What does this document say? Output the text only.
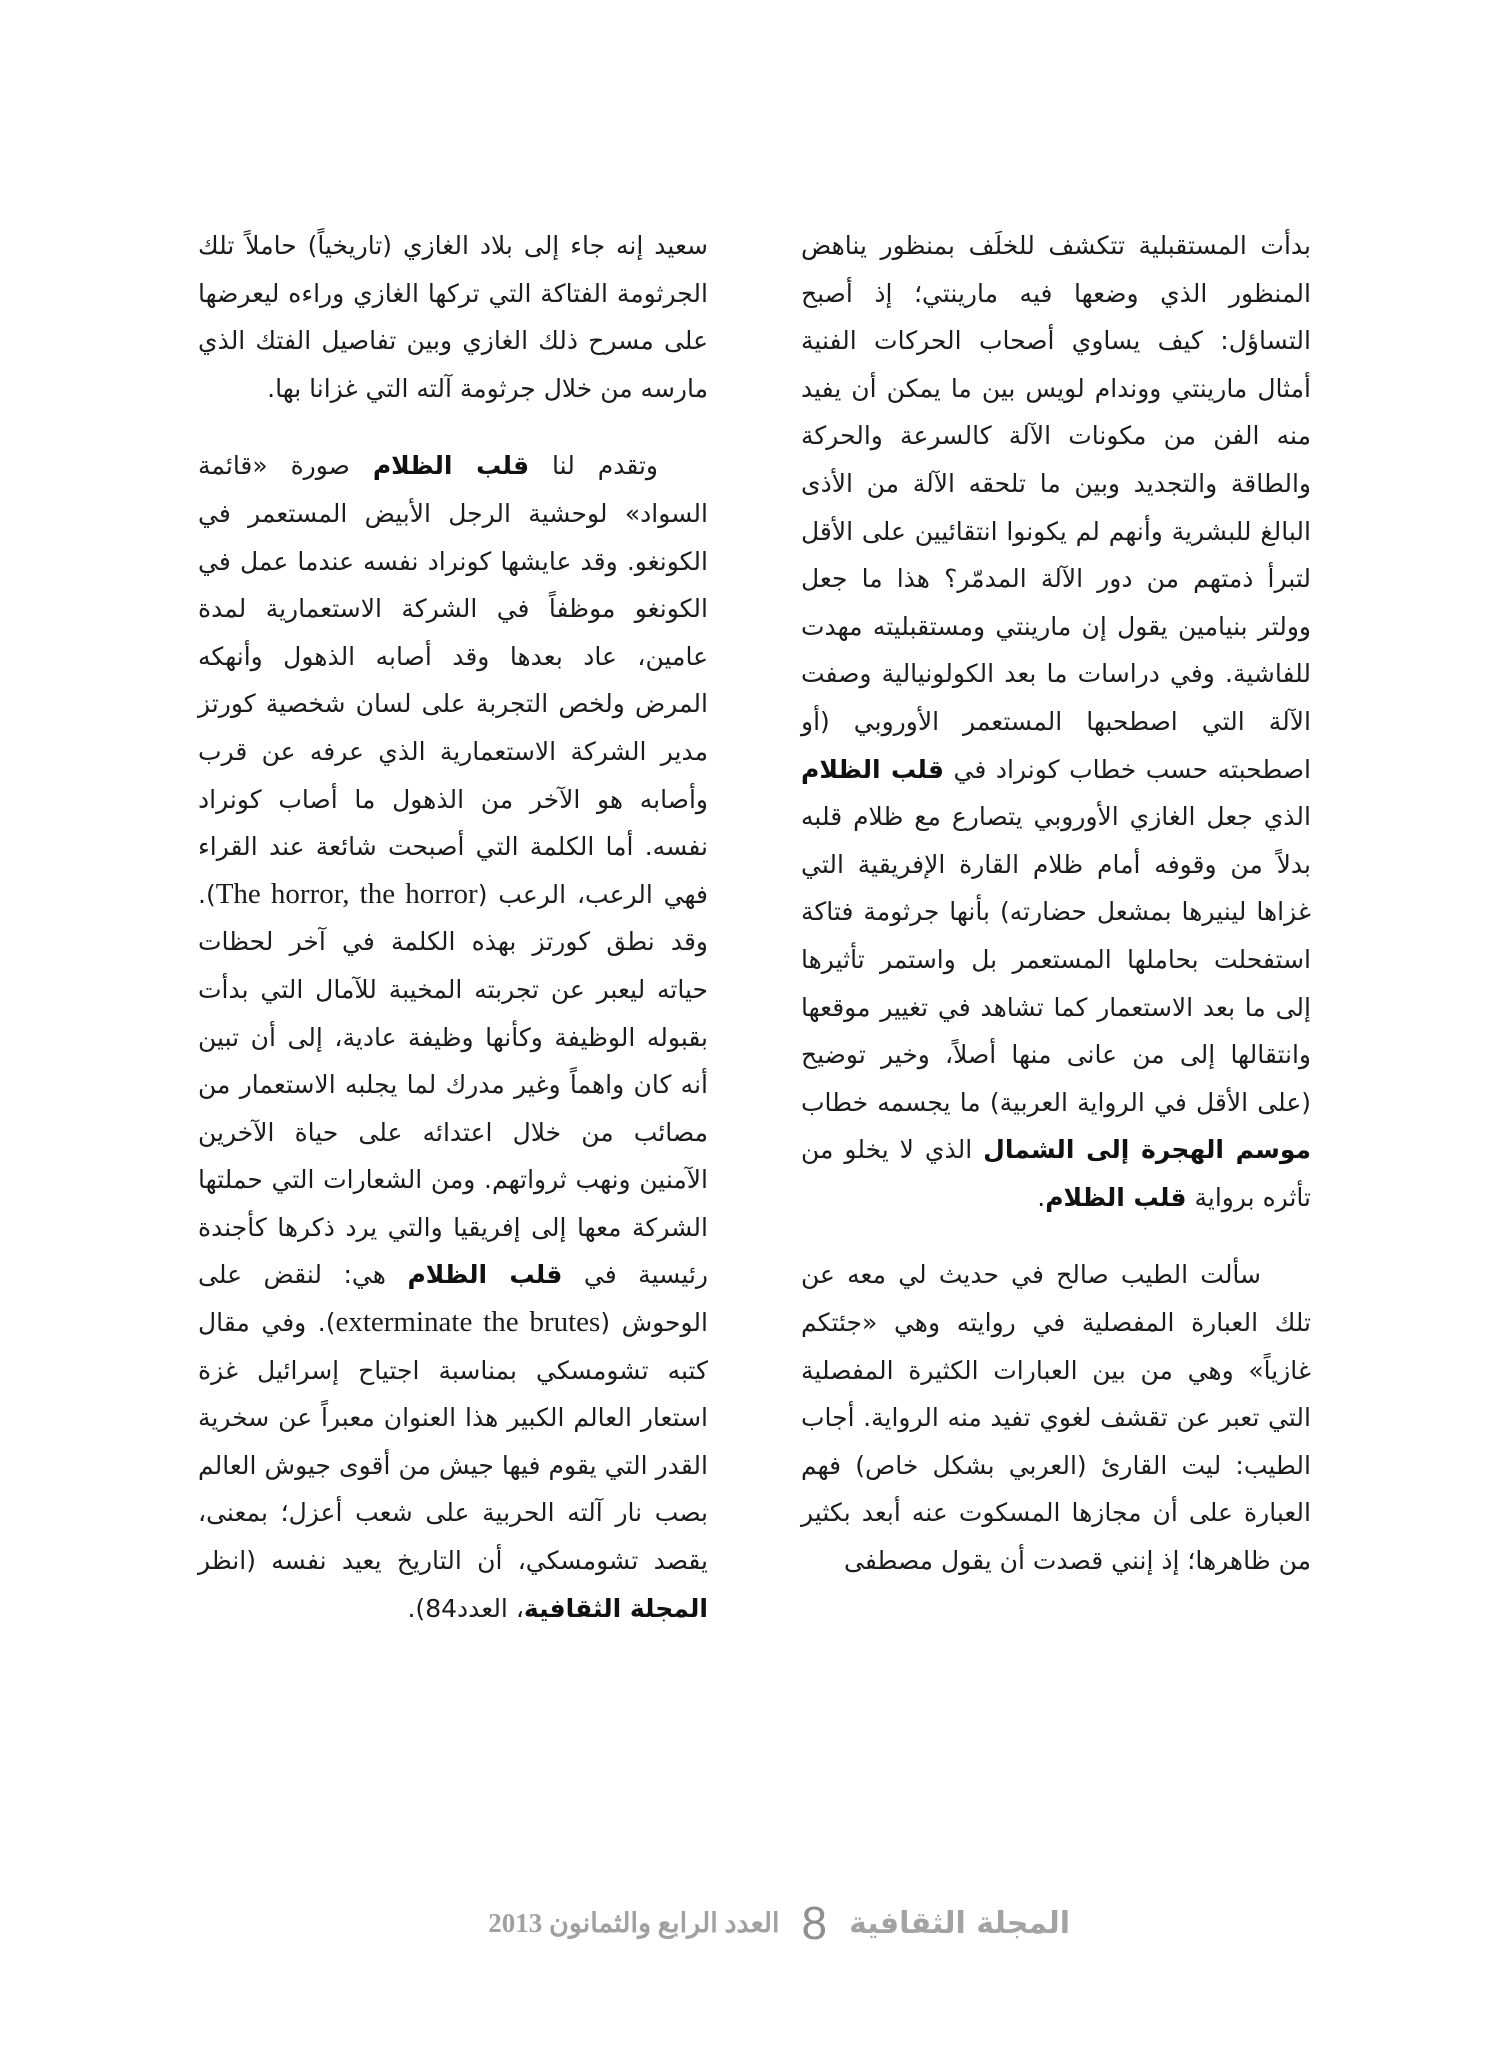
بدأت المستقبلية تتكشف للخلَف بمنظور يناهض المنظور الذي وضعها فيه مارينتي؛ إذ أصبح التساؤل: كيف يساوي أصحاب الحركات الفنية أمثال مارينتي ووندام لويس بين ما يمكن أن يفيد منه الفن من مكونات الآلة كالسرعة والحركة والطاقة والتجديد وبين ما تلحقه الآلة من الأذى البالغ للبشرية وأنهم لم يكونوا انتقائيين على الأقل لتبرأ ذمتهم من دور الآلة المدمّر؟ هذا ما جعل وولتر بنيامين يقول إن مارينتي ومستقبليته مهدت للفاشية. وفي دراسات ما بعد الكولونيالية وصفت الآلة التي اصطحبها المستعمر الأوروبي (أو اصطحبته حسب خطاب كونراد في قلب الظلام الذي جعل الغازي الأوروبي يتصارع مع ظلام قلبه بدلاً من وقوفه أمام ظلام القارة الإفريقية التي غزاها لينيرها بمشعل حضارته) بأنها جرثومة فتاكة استفحلت بحاملها المستعمر بل واستمر تأثيرها إلى ما بعد الاستعمار كما تشاهد في تغيير موقعها وانتقالها إلى من عانى منها أصلاً، وخير توضيح (على الأقل في الرواية العربية) ما يجسمه خطاب موسم الهجرة إلى الشمال الذي لا يخلو من تأثره برواية قلب الظلام.

سألت الطيب صالح في حديث لي معه عن تلك العبارة المفصلية في روايته وهي «جئتكم غازياً» وهي من بين العبارات الكثيرة المفصلية التي تعبر عن تقشف لغوي تفيد منه الرواية. أجاب الطيب: ليت القارئ (العربي بشكل خاص) فهم العبارة على أن مجازها المسكوت عنه أبعد بكثير من ظاهرها؛ إذ إنني قصدت أن يقول مصطفى

سعيد إنه جاء إلى بلاد الغازي (تاريخياً) حاملاً تلك الجرثومة الفتاكة التي تركها الغازي وراءه ليعرضها على مسرح ذلك الغازي وبين تفاصيل الفتك الذي مارسه من خلال جرثومة آلته التي غزانا بها.

وتقدم لنا قلب الظلام صورة «قائمة السواد» لوحشية الرجل الأبيض المستعمر في الكونغو. وقد عايشها كونراد نفسه عندما عمل في الكونغو موظفاً في الشركة الاستعمارية لمدة عامين، عاد بعدها وقد أصابه الذهول وأنهكه المرض ولخص التجربة على لسان شخصية كورتز مدير الشركة الاستعمارية الذي عرفه عن قرب وأصابه هو الآخر من الذهول ما أصاب كونراد نفسه. أما الكلمة التي أصبحت شائعة عند القراء فهي الرعب، الرعب (The horror, the horror). وقد نطق كورتز بهذه الكلمة في آخر لحظات حياته ليعبر عن تجربته المخيبة للآمال التي بدأت بقبوله الوظيفة وكأنها وظيفة عادية، إلى أن تبين أنه كان واهماً وغير مدرك لما يجلبه الاستعمار من مصائب من خلال اعتدائه على حياة الآخرين الآمنين ونهب ثرواتهم. ومن الشعارات التي حملتها الشركة معها إلى إفريقيا والتي يرد ذكرها كأجندة رئيسية في قلب الظلام هي: لنقض على الوحوش (exterminate the brutes). وفي مقال كتبه تشومسكي بمناسبة اجتياح إسرائيل غزة استعار العالم الكبير هذا العنوان معبراً عن سخرية القدر التي يقوم فيها جيش من أقوى جيوش العالم بصب نار آلته الحربية على شعب أعزل؛ بمعنى، يقصد تشومسكي، أن التاريخ يعيد نفسه (انظر المجلة الثقافية، العدد84).

المجلة الثقافية
8
العدد الرابع والثمانون 2013
